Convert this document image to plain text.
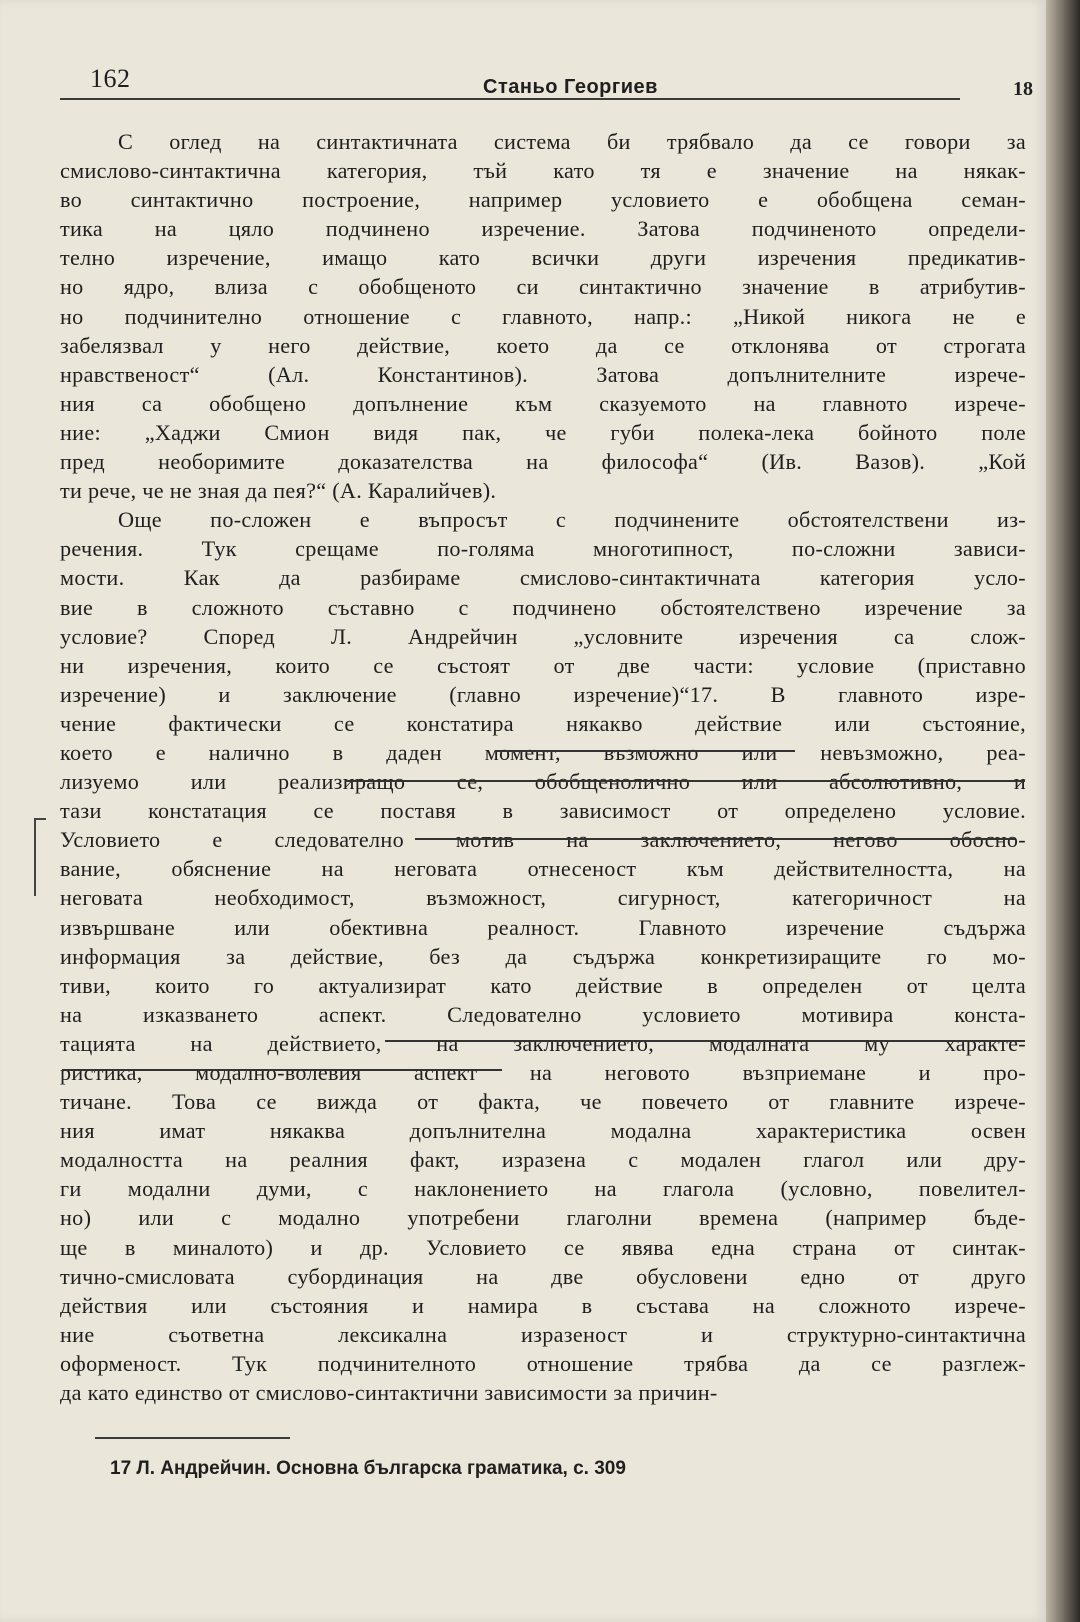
162	Станьо Георгиев	18
С оглед на синтактичната система би трябвало да се говори за
смислово-синтактична категория, тъй като тя е значение на някак-
во синтактично построение, например условието е обобщена семан-
тика на цяло подчинено изречение. Затова подчиненото определи-
телно изречение, имащо като всички други изречения предикатив-
но ядро, влиза с обобщеното си синтактично значение в атрибутив-
но подчинително отношение с главното, напр.: „Никой никога не е
забелязвал у него действие, което да се отклонява от строгата
нравственост“ (Ал. Константинов). Затова допълнителните изрече-
ния са обобщено допълнение към сказуемото на главното изрече-
ние: „Хаджи Смион видя пак, че губи полека-лека бойното поле
пред необоримите доказателства на философа“ (Ив. Вазов). „Кой
ти рече, че не зная да пея?“ (А. Каралийчев).
Още по-сложен е въпросът с подчинените обстоятелствени из-
речения. Тук срещаме по-голяма многотипност, по-сложни зависи-
мости. Как да разбираме смислово-синтактичната категория усло-
вие в сложното съставно с подчинено обстоятелствено изречение за
условие? Според Л. Андрейчин „условните изречения са слож-
ни изречения, които се състоят от две части: условие (приставно
изречение) и заключение (главно изречение)“17. В главното изре-
чение фактически се констатира някакво действие или състояние,
което е налично в даден момент, възможно или невъзможно, реа-
лизуемо или реализиращо се, обобщенолично или абсолютивно, и
тази констатация се поставя в зависимост от определено условие.
Условието е следователно мотив на заключението, негово обосно-
вание, обяснение на неговата отнесеност към действителността, на
неговата необходимост, възможност, сигурност, категоричност на
извършване или обективна реалност. Главното изречение съдържа
информация за действие, без да съдържа конкретизиращите го мо-
тиви, които го актуализират като действие в определен от целта
на изказването аспект. Следователно условието мотивира конста-
тацията на действието, на заключението, модалната му характе-
ристика, модално-волевия аспект на неговото възприемане и про-
тичане. Това се вижда от факта, че повечето от главните изрече-
ния имат някаква допълнителна модална характеристика освен
модалността на реалния факт, изразена с модален глагол или дру-
ги модални думи, с наклонението на глагола (условно, повелител-
но) или с модално употребени глаголни времена (например бъде-
ще в миналото) и др. Условието се явява една страна от синтак-
тично-смисловата субординация на две обусловени едно от друго
действия или състояния и намира в състава на сложното изрече-
ние съответна лексикална изразеност и структурно-синтактична
оформеност. Тук подчинителното отношение трябва да се разглеж-
да като единство от смислово-синтактични зависимости за причин-
17 Л. Андрейчин. Основна българска граматика, с. 309
